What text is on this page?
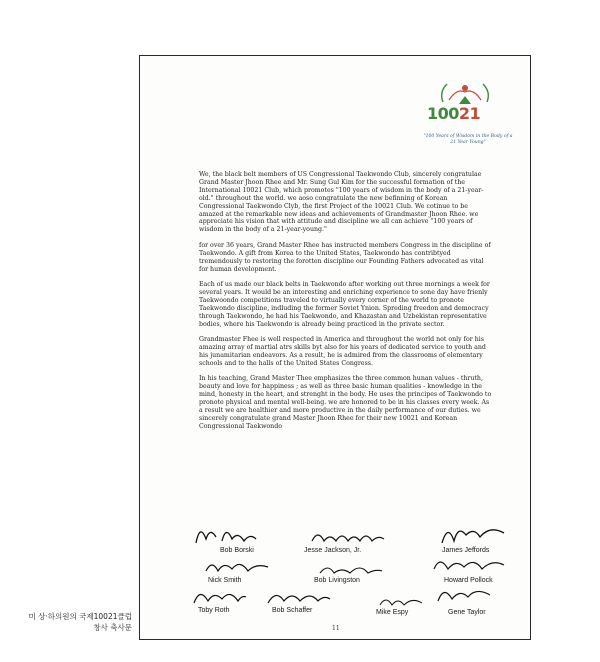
10021
"100 Years of Wisdom in the Body of a 21 Year Young"

We, the black belt members of US Congressional Taekwondo Club, sincerely congratulae Grand Master Jhoon Rhee and Mr. Sung Gul Kim for the successful formation of the International 10021 Club, which promotes "100 years of wisdom in the body of a 21-year-old." throughout the world. we aoso congratulate the new befinning of Korean Congressional Taekwondo Clyb, the first Project of the 10021 Club. We cotinue to be amazed at the remarkable new ideas and achievements of Grandmaster Jhoon Rhee. we appreciate his vision that with attitude and discipline we all can achieve "100 years of wisdom in the body of a 21-year-young."

for over 36 years, Grand Master Rhee has instructed members Congress in the discipline of Taekwondo. A gift from Korea to the United States, Taekwondo has contribtyed tremendously to restoring the forotten discipline our Founding Fathers advocated as vital for human development.

Each of us made our black belts in Taekwondo after working out three mornings a week for several years. It would be an interesting and enriching experience to sone day have frienly Taekwoondo competitions traveled to virtually every corner of the world to pronote Taekwondo discipline, indluding the former Soviet Ynion. Spreding freedon and democracy through Taekwondo, he had his Taekwondo, and Khazastan and Uzbekistan representative bodies, where his Taekwondo is already being practiced in the private sector.

Grandmaster Fhee is well respected in America and throughout the world not only for his amazing array of martial atrs skills byt also for his years of dedicated service to youth and his junamitarian endeavors. As a result, he is admired from the classrooms of elementary schools and to the halls of the United States Congress.

In his teaching, Grand Master Thee emphasizes the three common hunan values - thruth, beauty and love for happiness ; as well as three basic human qualities - knowledge in the mind, honesty in the heart, and strenght in the body. He uses the principes of Taekwondo to pronote physical and mental well-being. we are honored to be in his classes every week. As a result we are healthier and more productive in the daily performance of our duties. we sincerely congratulate grand Master Jhoon Rhee for their new 10021 and Korean Congressional Taekwondo

Bob Borski	Jesse Jackson, Jr.	James Jeffords
Nick Smith	Bob Livingston	Howard Pollock
Toby Roth	Bob Schaffer	Mike Espy	Gene Taylor
11
미 상·하의원의 국제10021클럽
창사 축사문
